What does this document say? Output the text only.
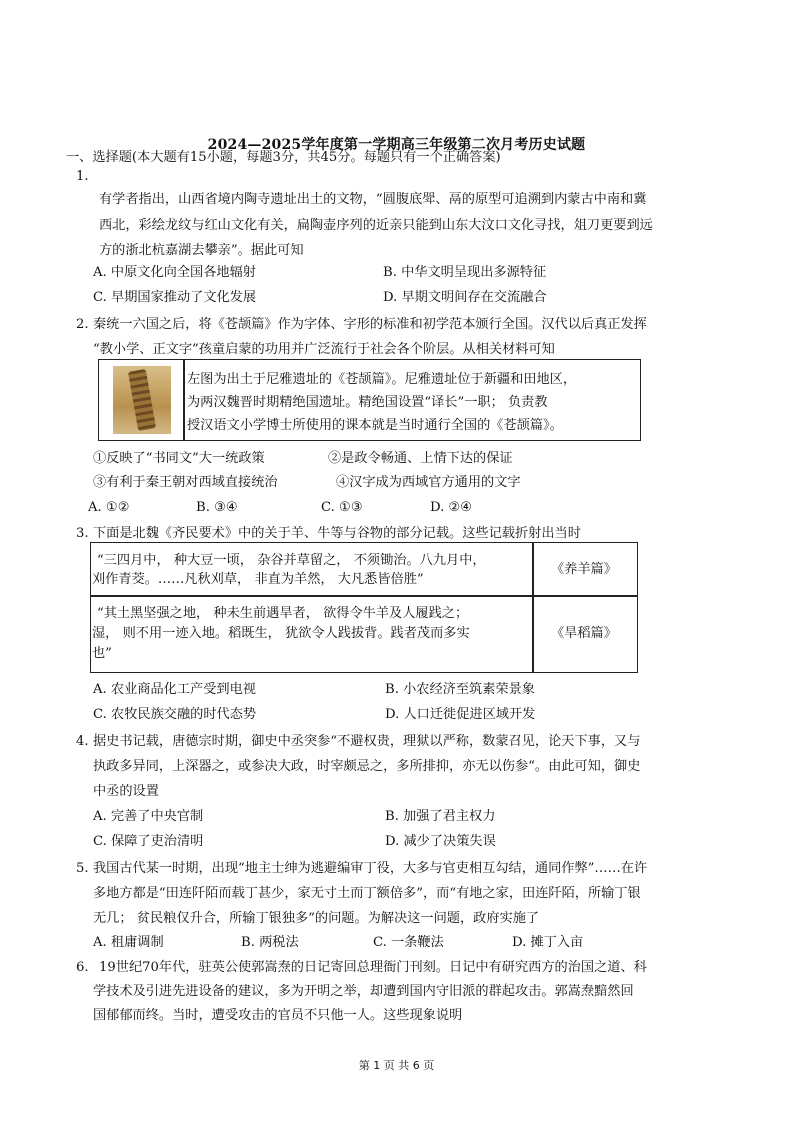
2024—2025学年度第一学期高三年级第二次月考历史试题
一、选择题(本大题有15小题，每题3分，共45分。每题只有一个正确答案)
1.
有学者指出，山西省境内陶寺遗址出土的文物，“圆腹底斝、鬲的原型可追溯到内蒙古中南和冀
西北，彩绘龙纹与红山文化有关，扁陶壶序列的近亲只能到山东大汶口文化寻找，俎刀更要到远
方的浙北杭嘉湖去攀亲”。据此可知
A. 中原文化向全国各地辐射	B. 中华文明呈现出多源特征
C. 早期国家推动了文化发展	D. 早期文明间存在交流融合
2. 秦统一六国之后，将《苍颉篇》作为字体、字形的标准和初学范本颁行全国。汉代以后真正发挥
“教小学、正文字”孩童启蒙的功用并广泛流行于社会各个阶层。从相关材料可知
左图为出土于尼雅遗址的《苍颉篇》。尼雅遗址位于新疆和田地区，
为两汉魏晋时期精绝国遗址。精绝国设置“译长”一职； 负责教
授汉语文小学博士所使用的课本就是当时通行全国的《苍颉篇》。
①反映了“书同文”大一统政策	②是政令畅通、上情下达的保证
③有利于秦王朝对西域直接统治	④汉字成为西域官方通用的文字
A. ①②	B. ③④	C. ①③	D. ②④
3. 下面是北魏《齐民要术》中的关于羊、牛等与谷物的部分记载。这些记载折射出当时
“三四月中， 种大豆一顷， 杂谷并草留之， 不须锄治。八九月中，
刈作青茭。……凡秋刈草， 非直为羊然， 大凡悉皆倍胜”
《养羊篇》
“其土黑坚强之地， 种未生前遇旱者， 欲得令牛羊及人履践之；
湿， 则不用一迹入地。稻既生， 犹欲令人践拔背。践者茂而多实
也”
《旱稻篇》
A. 农业商品化工产受到电视	B. 小农经济至筑素荣景象
C. 农牧民族交融的时代态势	D. 人口迁徙促进区域开发
4. 据史书记载，唐德宗时期，御史中丞突参“不避权贵，理狱以严称，数蒙召见，论天下事，又与
执政多异同，上深器之，或参决大政，时宰颇忌之，多所排抑，亦无以伤参“。由此可知，御史
中丞的设置
A. 完善了中央官制	B. 加强了君主权力
C. 保障了吏治清明	D. 减少了决策失误
5. 我国古代某一时期，出现“地主士绅为逃避编审丁役，大多与官吏相互勾结，通同作弊”……在许
多地方都是“田连阡陌而载丁甚少，家无寸土而丁额倍多”，而“有地之家，田连阡陌，所输丁银
无几； 贫民粮仅升合，所输丁银独多”的问题。为解决这一问题，政府实施了
A. 租庸调制	B. 两税法	C. 一条鞭法	D. 摊丁入亩
6. 19世纪70年代，驻英公使郭嵩焘的日记寄回总理衙门刊刻。日记中有研究西方的治国之道、科
学技术及引进先进设备的建议，多为开明之举，却遭到国内守旧派的群起攻击。郭嵩焘黯然回
国郁郁而终。当时，遭受攻击的官员不只他一人。这些现象说明
第 1 页 共 6 页
